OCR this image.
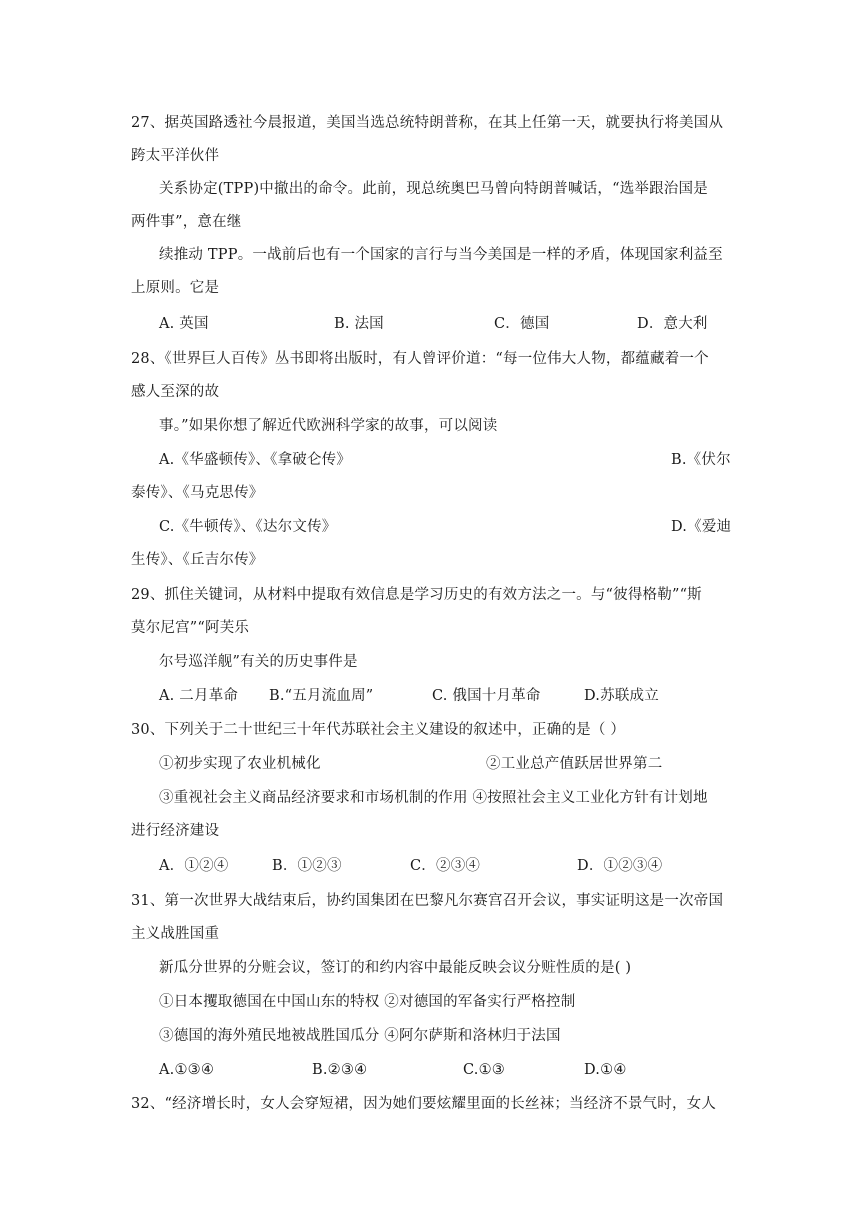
27、据英国路透社今晨报道，美国当选总统特朗普称，在其上任第一天，就要执行将美国从
跨太平洋伙伴
关系协定(TPP)中撤出的命令。此前，现总统奥巴马曾向特朗普喊话，“选举跟治国是
两件事”，意在继
续推动 TPP。一战前后也有一个国家的言行与当今美国是一样的矛盾，体现国家利益至
上原则。它是
A. 英国	B. 法国	C．德国	D．意大利
28、《世界巨人百传》丛书即将出版时，有人曾评价道：“每一位伟大人物，都蕴藏着一个
感人至深的故
事。”如果你想了解近代欧洲科学家的故事，可以阅读
A.《华盛顿传》、《拿破仑传》	B.《伏尔
泰传》、《马克思传》
C.《牛顿传》、《达尔文传》	D.《爱迪
生传》、《丘吉尔传》
29、抓住关键词，从材料中提取有效信息是学习历史的有效方法之一。与“彼得格勒”“斯
莫尔尼宫”“阿芙乐
尔号巡洋舰”有关的历史事件是
A. 二月革命 B.“五月流血周”	C. 俄国十月革命	D.苏联成立
30、下列关于二十世纪三十年代苏联社会主义建设的叙述中，正确的是（ ）
①初步实现了农业机械化	②工业总产值跃居世界第二
③重视社会主义商品经济要求和市场机制的作用 ④按照社会主义工业化方针有计划地
进行经济建设
A．①②④	B．①②③	C．②③④	D．①②③④
31、第一次世界大战结束后，协约国集团在巴黎凡尔赛宫召开会议，事实证明这是一次帝国
主义战胜国重
新瓜分世界的分赃会议，签订的和约内容中最能反映会议分赃性质的是( )
①日本攫取德国在中国山东的特权 ②对德国的军备实行严格控制
③德国的海外殖民地被战胜国瓜分 ④阿尔萨斯和洛林归于法国
A.①③④	B.②③④	C.①③	D.①④
32、“经济增长时，女人会穿短裙，因为她们要炫耀里面的长丝袜；当经济不景气时，女人
